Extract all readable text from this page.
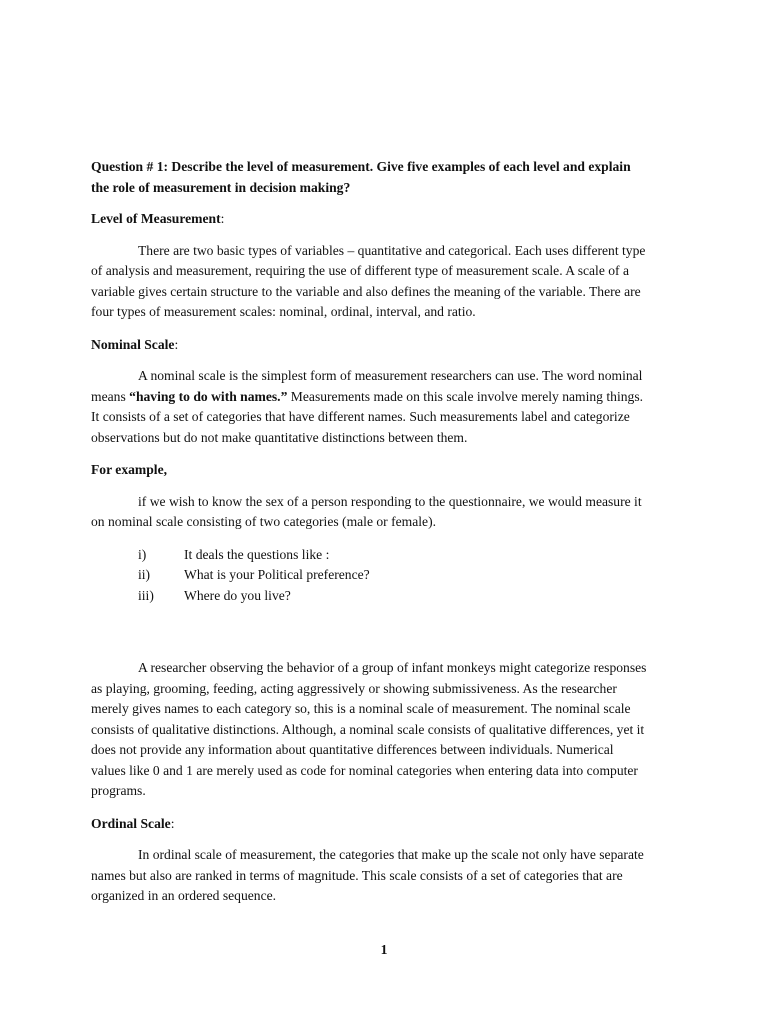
Question # 1: Describe the level of measurement. Give five examples of each level and explain the role of measurement in decision making?

Level of Measurement:

There are two basic types of variables – quantitative and categorical. Each uses different type of analysis and measurement, requiring the use of different type of measurement scale. A scale of a variable gives certain structure to the variable and also defines the meaning of the variable. There are four types of measurement scales: nominal, ordinal, interval, and ratio.

Nominal Scale:

A nominal scale is the simplest form of measurement researchers can use. The word nominal means “having to do with names.” Measurements made on this scale involve merely naming things. It consists of a set of categories that have different names. Such measurements label and categorize observations but do not make quantitative distinctions between them.

For example,

if we wish to know the sex of a person responding to the questionnaire, we would measure it on nominal scale consisting of two categories (male or female).

i)	It deals the questions like :
ii)	What is your Political preference?
iii)	Where do you live?

A researcher observing the behavior of a group of infant monkeys might categorize responses as playing, grooming, feeding, acting aggressively or showing submissiveness. As the researcher merely gives names to each category so, this is a nominal scale of measurement. The nominal scale consists of qualitative distinctions. Although, a nominal scale consists of qualitative differences, yet it does not provide any information about quantitative differences between individuals. Numerical values like 0 and 1 are merely used as code for nominal categories when entering data into computer programs.

Ordinal Scale:

In ordinal scale of measurement, the categories that make up the scale not only have separate names but also are ranked in terms of magnitude. This scale consists of a set of categories that are organized in an ordered sequence.

1
